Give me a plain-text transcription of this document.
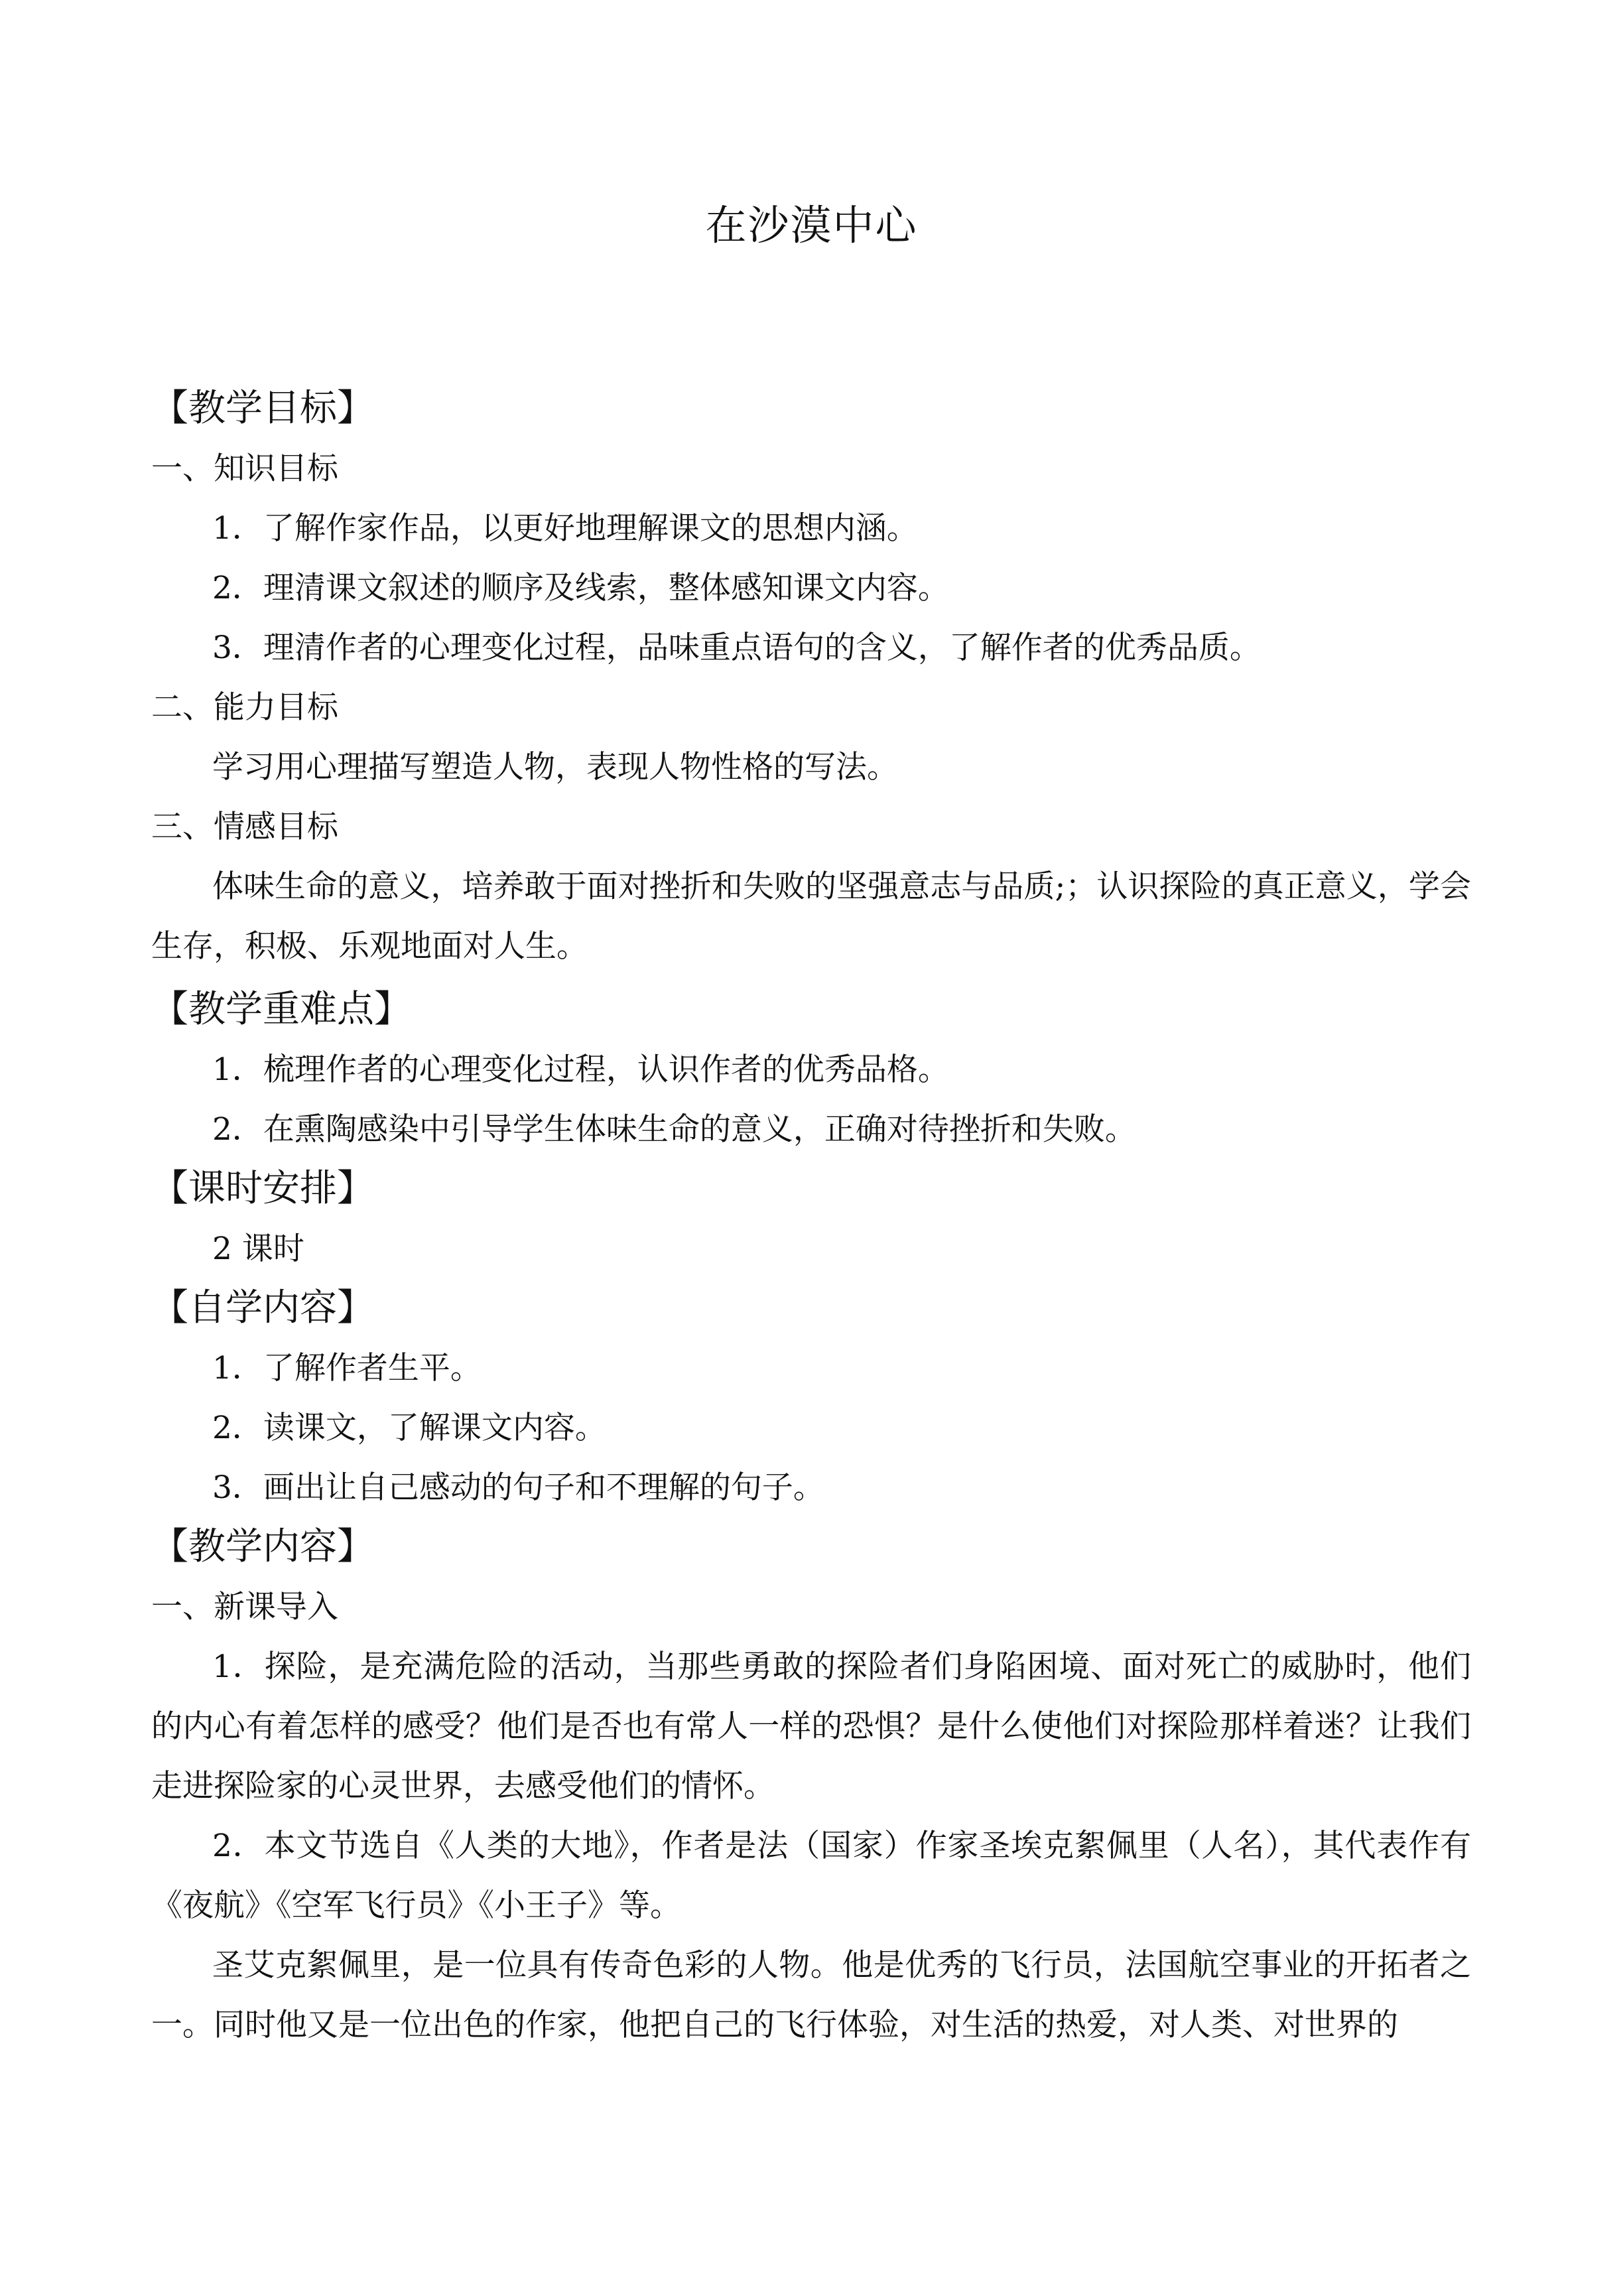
在沙漠中心
【教学目标】
一、知识目标
1．了解作家作品，以更好地理解课文的思想内涵。
2．理清课文叙述的顺序及线索，整体感知课文内容。
3．理清作者的心理变化过程，品味重点语句的含义，了解作者的优秀品质。
二、能力目标
学习用心理描写塑造人物，表现人物性格的写法。
三、情感目标
体味生命的意义，培养敢于面对挫折和失败的坚强意志与品质;；认识探险的真正意义，学会生存，积极、乐观地面对人生。
【教学重难点】
1．梳理作者的心理变化过程，认识作者的优秀品格。
2．在熏陶感染中引导学生体味生命的意义，正确对待挫折和失败。
【课时安排】
2 课时
【自学内容】
1．了解作者生平。
2．读课文，了解课文内容。
3．画出让自己感动的句子和不理解的句子。
【教学内容】
一、新课导入
1．探险，是充满危险的活动，当那些勇敢的探险者们身陷困境、面对死亡的威胁时，他们的内心有着怎样的感受？他们是否也有常人一样的恐惧？是什么使他们对探险那样着迷？让我们走进探险家的心灵世界，去感受他们的情怀。
2．本文节选自《人类的大地》，作者是法（国家）作家圣埃克絮佩里（人名），其代表作有《夜航》《空军飞行员》《小王子》等。
圣艾克絮佩里，是一位具有传奇色彩的人物。他是优秀的飞行员，法国航空事业的开拓者之一。同时他又是一位出色的作家，他把自己的飞行体验，对生活的热爱，对人类、对世界的
